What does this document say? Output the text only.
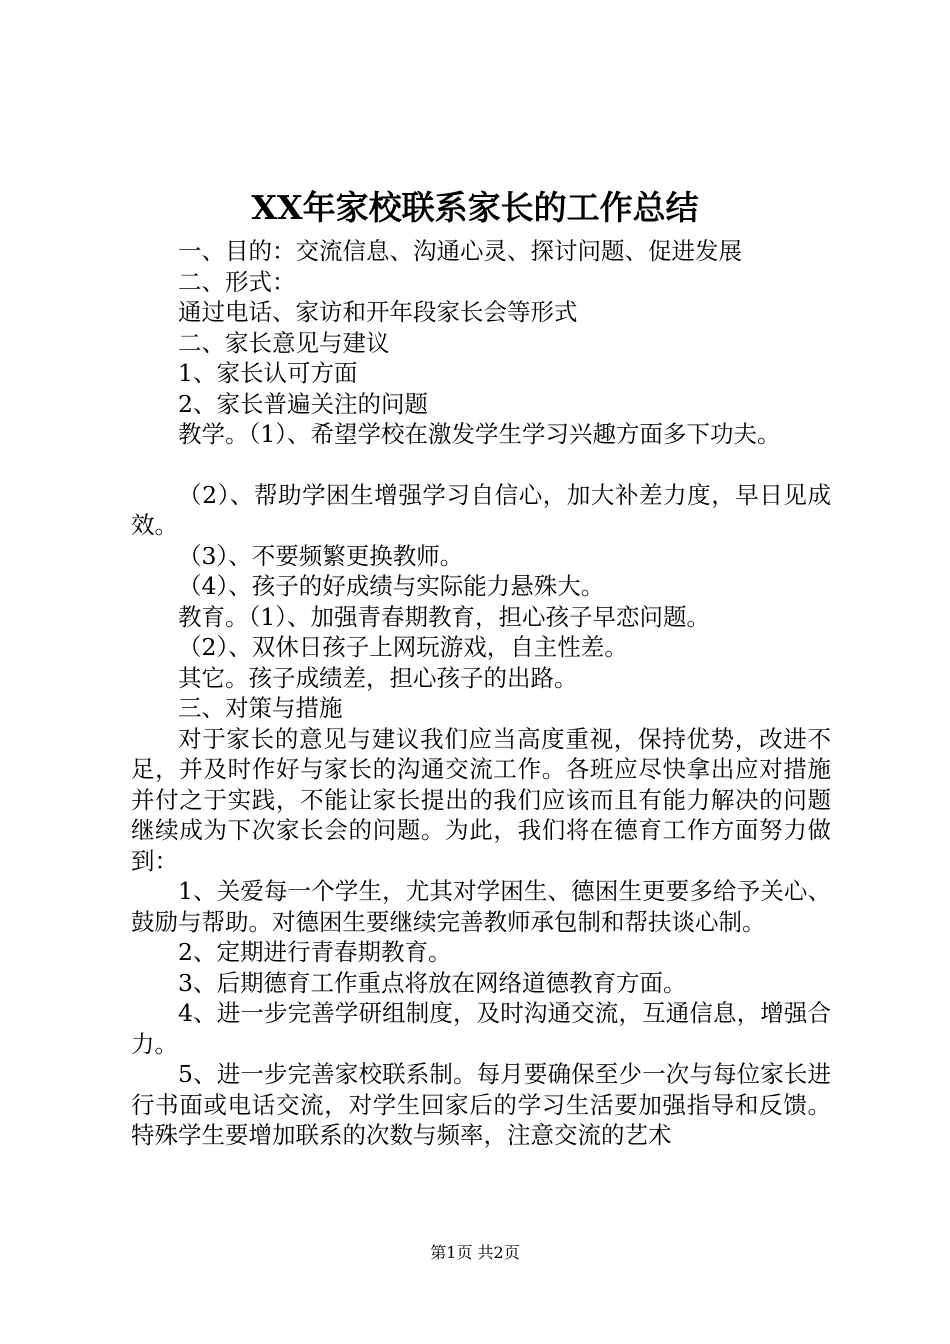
XX年家校联系家长的工作总结

一、目的：交流信息、沟通心灵、探讨问题、促进发展

二、形式：

通过电话、家访和开年段家长会等形式

二、家长意见与建议

1、家长认可方面

2、家长普遍关注的问题

教学。（1）、希望学校在激发学生学习兴趣方面多下功夫。

（2）、帮助学困生增强学习自信心，加大补差力度，早日见成效。

（3）、不要频繁更换教师。

（4）、孩子的好成绩与实际能力悬殊大。

教育。（1）、加强青春期教育，担心孩子早恋问题。

（2）、双休日孩子上网玩游戏，自主性差。

其它。孩子成绩差，担心孩子的出路。

三、对策与措施

对于家长的意见与建议我们应当高度重视，保持优势，改进不足，并及时作好与家长的沟通交流工作。各班应尽快拿出应对措施并付之于实践，不能让家长提出的我们应该而且有能力解决的问题继续成为下次家长会的问题。为此，我们将在德育工作方面努力做到：

1、关爱每一个学生，尤其对学困生、德困生更要多给予关心、鼓励与帮助。对德困生要继续完善教师承包制和帮扶谈心制。

2、定期进行青春期教育。

3、后期德育工作重点将放在网络道德教育方面。

4、进一步完善学研组制度，及时沟通交流，互通信息，增强合力。

5、进一步完善家校联系制。每月要确保至少一次与每位家长进行书面或电话交流，对学生回家后的学习生活要加强指导和反馈。特殊学生要增加联系的次数与频率，注意交流的艺术

第1页 共2页
